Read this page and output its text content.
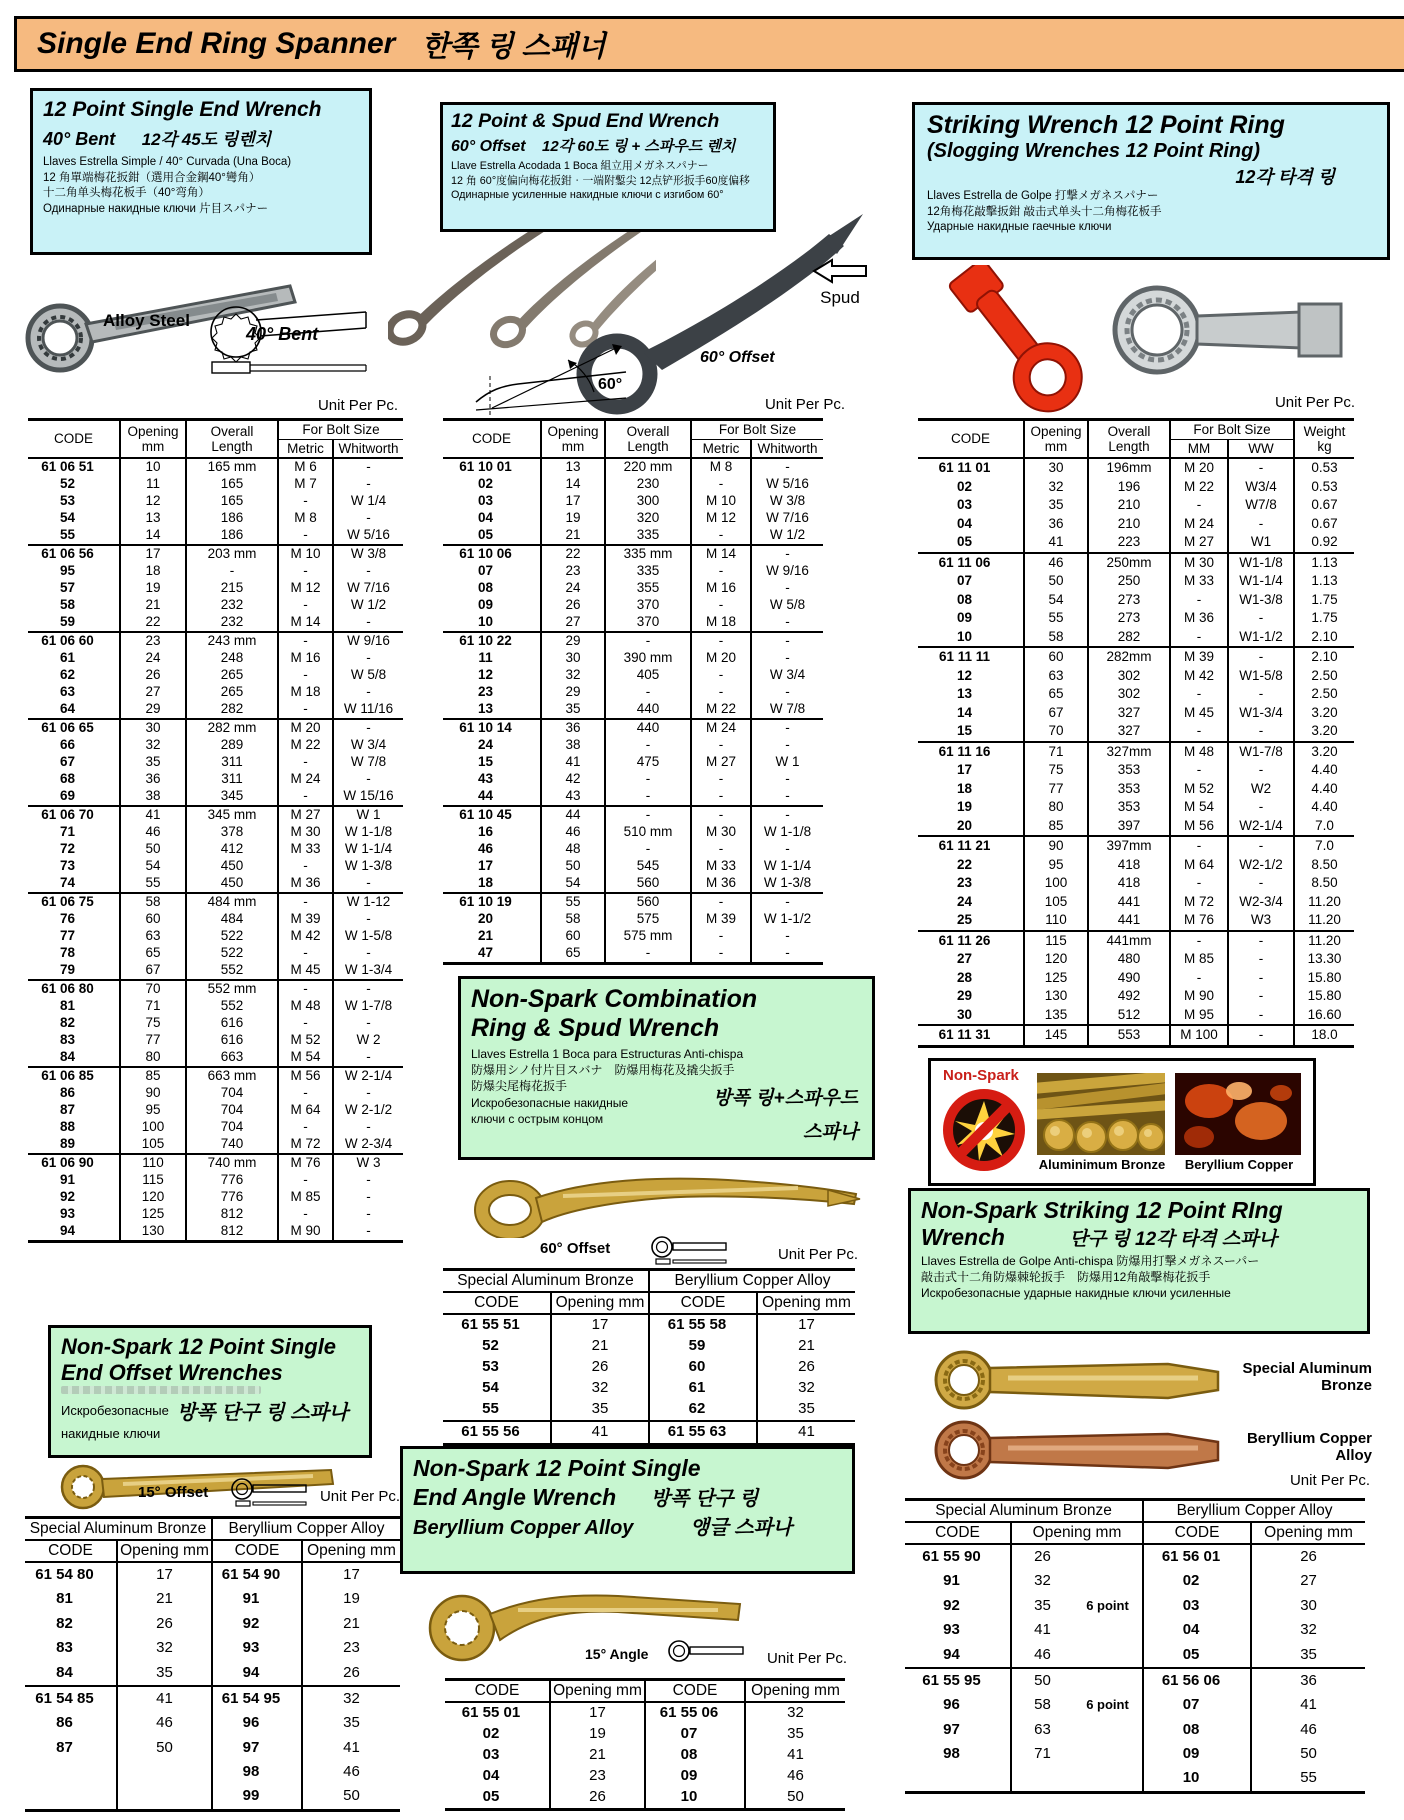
Single End Ring Spanner 한쪽 링 스패너
12 Point Single End Wrench
40° Bent 12각 45도 링렌치
Llaves Estrella Simple / 40° Curvada (Una Boca)
12 角單端梅花扳鉗（選用合金鋼40°彎角）
十二角单头梅花板手（40°弯角）
Одинарные накидные ключи 片目スパナー
Alloy Steel
40° Bent
Unit Per Pc.
CODE	
Opening
mm

Overall
Length
	For Bolt Size
			Metric	Whitworth
61 06 51	10	165 mm	M 6	-
52	11	165	M 7	-
53	12	165	-	W 1/4
54	13	186	M 8	-
55	14	186	-	W 5/16
61 06 56	17	203 mm	M 10	W 3/8
95	18	-	-	-
57	19	215	M 12	W 7/16
58	21	232	-	W 1/2
59	22	232	M 14	-
61 06 60	23	243 mm	-	W 9/16
61	24	248	M 16	-
62	26	265	-	W 5/8
63	27	265	M 18	-
64	29	282	-	W 11/16
61 06 65	30	282 mm	M 20	-
66	32	289	M 22	W 3/4
67	35	311	-	W 7/8
68	36	311	M 24	-
69	38	345	-	W 15/16
61 06 70	41	345 mm	M 27	W 1
71	46	378	M 30	W 1-1/8
72	50	412	M 33	W 1-1/4
73	54	450	-	W 1-3/8
74	55	450	M 36	-
61 06 75	58	484 mm	-	W 1-12
76	60	484	M 39	-
77	63	522	M 42	W 1-5/8
78	65	522	-	-
79	67	552	M 45	W 1-3/4
61 06 80	70	552 mm	-	-
81	71	552	M 48	W 1-7/8
82	75	616	-	-
83	77	616	M 52	W 2
84	80	663	M 54	-
61 06 85	85	663 mm	M 56	W 2-1/4
86	90	704	-	-
87	95	704	M 64	W 2-1/2
88	100	704	-	-
89	105	740	M 72	W 2-3/4
61 06 90	110	740 mm	M 76	W 3
91	115	776	-	-
92	120	776	M 85	-
93	125	812	-	-
94	130	812	M 90	-
12 Point & Spud End Wrench
60° Offset 12각 60도 링 + 스파우드 렌치
Llave Estrella Acodada 1 Boca 組立用メガネスパナー
12 角 60°度偏向梅花扳鉗‧一端附鏨尖 12点铲形扳手60度偏移
Одинарные усиленные накидные ключи с изгибом 60°
Spud
60° Offset
60°
Unit Per Pc.
CODE	
Opening
mm

Overall
Length
	For Bolt Size
			Metric	Whitworth
61 10 01	13	220 mm	M 8	-
02	14	230	-	W 5/16
03	17	300	M 10	W 3/8
04	19	320	M 12	W 7/16
05	21	335	-	W 1/2
61 10 06	22	335 mm	M 14	-
07	23	335	-	W 9/16
08	24	355	M 16	-
09	26	370	-	W 5/8
10	27	370	M 18	-
61 10 22	29	-	-	-
11	30	390 mm	M 20	-
12	32	405	-	W 3/4
23	29	-	-	-
13	35	440	M 22	W 7/8
61 10 14	36	440	M 24	-
24	38	-	-	-
15	41	475	M 27	W 1
43	42	-	-	-
44	43	-	-	-
61 10 45	44	-	-	-
16	46	510 mm	M 30	W 1-1/8
46	48	-	-	-
17	50	545	M 33	W 1-1/4
18	54	560	M 36	W 1-3/8
61 10 19	55	560	-	-
20	58	575	M 39	W 1-1/2
21	60	575 mm	-	-
47	65	-	-	-
Striking Wrench 12 Point Ring
(Slogging Wrenches 12 Point Ring)
12각 타격 링
Llaves Estrella de Golpe 打撃メガネスパナー
12角梅花敲擊扳鉗 敲击式单头十二角梅花板手
Ударные накидные гаечные ключи
Unit Per Pc.
CODE	
Opening
mm

Overall
Length
	For Bolt Size	Weight
kg

			MM	WW	
61 11 01	30	196mm	M 20	-	0.53
02	32	196	M 22	W3/4	0.53
03	35	210	-	W7/8	0.67
04	36	210	M 24	-	0.67
05	41	223	M 27	W1	0.92
61 11 06	46	250mm	M 30	W1-1/8	1.13
07	50	250	M 33	W1-1/4	1.13
08	54	273	-	W1-3/8	1.75
09	55	273	M 36	-	1.75
10	58	282	-	W1-1/2	2.10
61 11 11	60	282mm	M 39	-	2.10
12	63	302	M 42	W1-5/8	2.50
13	65	302	-	-	2.50
14	67	327	M 45	W1-3/4	3.20
15	70	327	-	-	3.20
61 11 16	71	327mm	M 48	W1-7/8	3.20
17	75	353	-	-	4.40
18	77	353	M 52	W2	4.40
19	80	353	M 54	-	4.40
20	85	397	M 56	W2-1/4	7.0
61 11 21	90	397mm	-	-	7.0
22	95	418	M 64	W2-1/2	8.50
23	100	418	-	-	8.50
24	105	441	M 72	W2-3/4	11.20
25	110	441	M 76	W3	11.20
61 11 26	115	441mm	-	-	11.20
27	120	480	M 85	-	13.30
28	125	490	-	-	15.80
29	130	492	M 90	-	15.80
30	135	512	M 95	-	16.60
61 11 31	145	553	M 100	-	18.0
Non-Spark Combination
Ring & Spud Wrench
Llaves Estrella 1 Boca para Estructuras Anti-chispa
防爆用シノ付片目スバナ　防爆用梅花及撬尖扳手
防爆尖尾梅花扳手
Искробезопасные накидные
ключи с острым концом
방폭 링+스파우드
스파나
60° Offset	Unit Per Pc.
Special Aluminum Bronze		Beryllium Copper Alloy	
CODE	Opening mm	CODE	Opening mm
61 55 51	17	61 55 58	17
52	21	59	21
53	26	60	26
54	32	61	32
55	35	62	35
61 55 56	41	61 55 63	41
Non-Spark
Aluminimum Bronze	Beryllium Copper
Non-Spark Striking 12 Point RIng
Wrench	단구 링 12각 타격 스파나
Llaves Estrella de Golpe Anti-chispa 防爆用打撃メガネスーパー
敲击式十二角防爆棘轮扳手　防爆用12角敲擊梅花扳手
Искробезопасные ударные накидные ключи усиленные
Special Aluminum Bronze
Beryllium Copper Alloy
Unit Per Pc.
Special Aluminum Bronze			Beryllium Copper Alloy	
CODE	Opening mm		CODE	Opening mm
61 55 90	26		61 56 01	26
91	32		02	27
92	35	6 point	03	30
93	41		04	32
94	46		05	35
61 55 95	50		61 56 06	36
96	58	6 point	07	41
97	63		08	46
98	71		09	50
			10	55
Non-Spark 12 Point Single
End Offset Wrenches
Искробезопасные 방폭 단구 링 스파나
накидные ключи
15° Offset	Unit Per Pc.
Special Aluminum Bronze		Beryllium Copper Alloy	
CODE	Opening mm	CODE	Opening mm
61 54 80	17	61 54 90	17
81	21	91	19
82	26	92	21
83	32	93	23
84	35	94	26
61 54 85	41	61 54 95	32
86	46	96	35
87	50	97	41
		98	46
		99	50
Non-Spark 12 Point Single
End Angle Wrench 방폭 단구 링
Beryllium Copper Alloy	앵글 스파나
15° Angle	Unit Per Pc.
CODE	Opening mm	CODE	Opening mm
61 55 01	17	61 55 06	32
02	19	07	35
03	21	08	41
04	23	09	46
05	26	10	50
